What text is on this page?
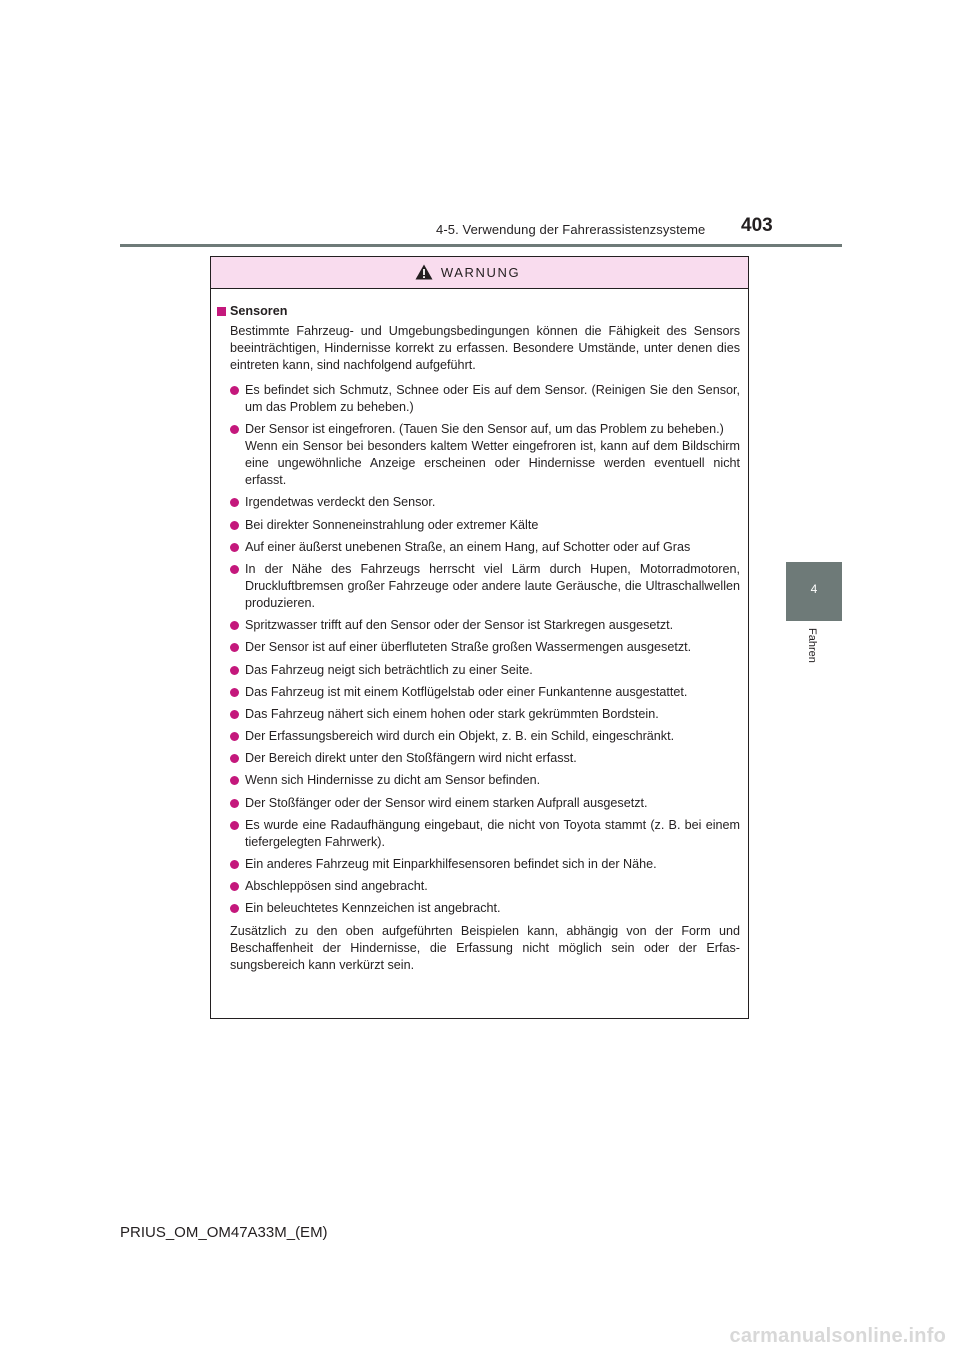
4-5. Verwendung der Fahrerassistenzsysteme 403
4
Fahren
WARNUNG
Sensoren
Bestimmte Fahrzeug- und Umgebungsbedingungen können die Fähigkeit des Sensors beeinträchtigen, Hindernisse korrekt zu erfassen. Besondere Umstände, unter denen dies eintreten kann, sind nachfolgend aufgeführt.
Es befindet sich Schmutz, Schnee oder Eis auf dem Sensor. (Reinigen Sie den Sensor, um das Problem zu beheben.)
Der Sensor ist eingefroren. (Tauen Sie den Sensor auf, um das Problem zu beheben.)
Wenn ein Sensor bei besonders kaltem Wetter eingefroren ist, kann auf dem Bildschirm eine ungewöhnliche Anzeige erscheinen oder Hindernisse werden eventuell nicht erfasst.
Irgendetwas verdeckt den Sensor.
Bei direkter Sonneneinstrahlung oder extremer Kälte
Auf einer äußerst unebenen Straße, an einem Hang, auf Schotter oder auf Gras
In der Nähe des Fahrzeugs herrscht viel Lärm durch Hupen, Motorradmotoren, Druckluftbremsen großer Fahrzeuge oder andere laute Geräusche, die Ultraschallwellen produzieren.
Spritzwasser trifft auf den Sensor oder der Sensor ist Starkregen ausgesetzt.
Der Sensor ist auf einer überfluteten Straße großen Wassermengen ausgesetzt.
Das Fahrzeug neigt sich beträchtlich zu einer Seite.
Das Fahrzeug ist mit einem Kotflügelstab oder einer Funkantenne ausgestattet.
Das Fahrzeug nähert sich einem hohen oder stark gekrümmten Bordstein.
Der Erfassungsbereich wird durch ein Objekt, z. B. ein Schild, eingeschränkt.
Der Bereich direkt unter den Stoßfängern wird nicht erfasst.
Wenn sich Hindernisse zu dicht am Sensor befinden.
Der Stoßfänger oder der Sensor wird einem starken Aufprall ausgesetzt.
Es wurde eine Radaufhängung eingebaut, die nicht von Toyota stammt (z. B. bei einem tiefergelegten Fahrwerk).
Ein anderes Fahrzeug mit Einparkhilfesensoren befindet sich in der Nähe.
Abschleppösen sind angebracht.
Ein beleuchtetes Kennzeichen ist angebracht.
Zusätzlich zu den oben aufgeführten Beispielen kann, abhängig von der Form und Beschaffenheit der Hindernisse, die Erfassung nicht möglich sein oder der Erfassungsbereich kann verkürzt sein.
PRIUS_OM_OM47A33M_(EM)
carmanualsonline.info
